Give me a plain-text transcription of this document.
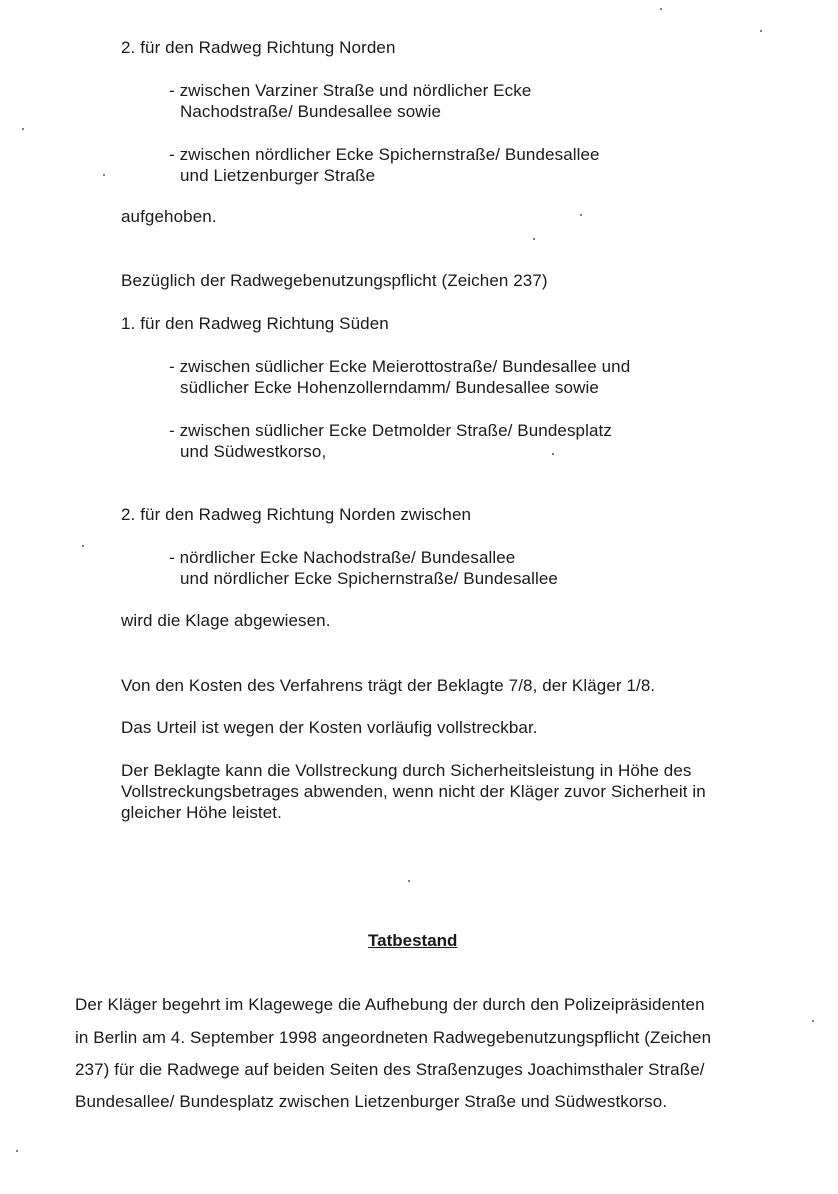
2. für den Radweg Richtung Norden
- zwischen Varziner Straße und nördlicher Ecke
Nachodstraße/ Bundesallee sowie
- zwischen nördlicher Ecke Spichernstraße/ Bundesallee
und Lietzenburger Straße
aufgehoben.
Bezüglich der Radwegebenutzungspflicht (Zeichen 237)
1. für den Radweg Richtung Süden
- zwischen südlicher Ecke Meierottostraße/ Bundesallee und
südlicher Ecke Hohenzollerndamm/ Bundesallee sowie
- zwischen südlicher Ecke Detmolder Straße/ Bundesplatz
und Südwestkorso,
2. für den Radweg Richtung Norden zwischen
- nördlicher Ecke Nachodstraße/ Bundesallee
und nördlicher Ecke Spichernstraße/ Bundesallee
wird die Klage abgewiesen.
Von den Kosten des Verfahrens trägt der Beklagte 7/8, der Kläger 1/8.
Das Urteil ist wegen der Kosten vorläufig vollstreckbar.
Der Beklagte kann die Vollstreckung durch Sicherheitsleistung in Höhe des
Vollstreckungsbetrages abwenden, wenn nicht der Kläger zuvor Sicherheit in
gleicher Höhe leistet.
Tatbestand
Der Kläger begehrt im Klagewege die Aufhebung der durch den Polizeipräsidenten
in Berlin am 4. September 1998 angeordneten Radwegebenutzungspflicht (Zeichen
237) für die Radwege auf beiden Seiten des Straßenzuges Joachimsthaler Straße/
Bundesallee/ Bundesplatz zwischen Lietzenburger Straße und Südwestkorso.
